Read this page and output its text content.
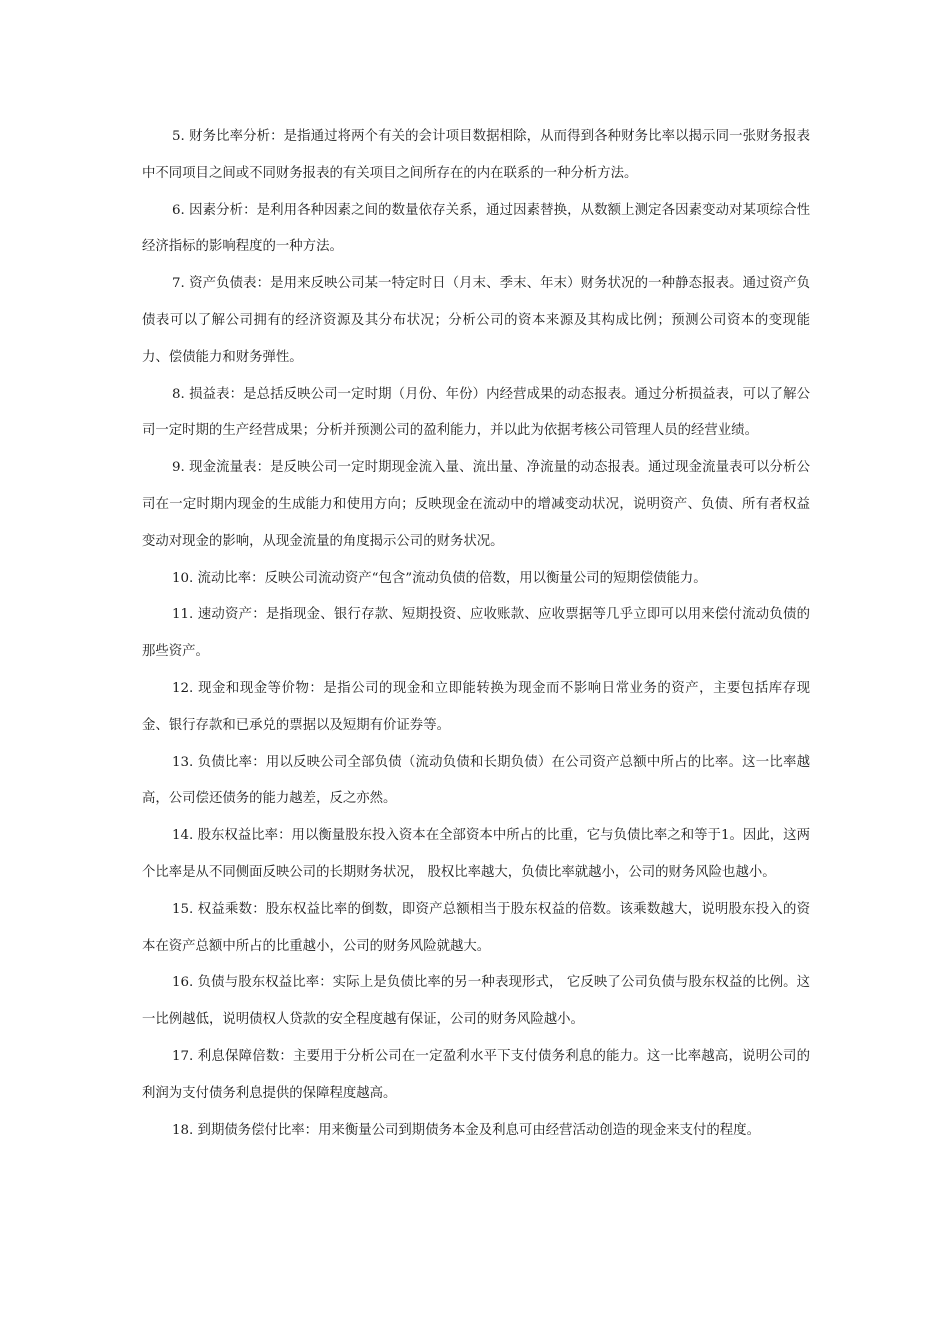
5. 财务比率分析：是指通过将两个有关的会计项目数据相除，从而得到各种财务比率以揭示同一张财务报表中不同项目之间或不同财务报表的有关项目之间所存在的内在联系的一种分析方法。

6. 因素分析：是利用各种因素之间的数量依存关系，通过因素替换，从数额上测定各因素变动对某项综合性经济指标的影响程度的一种方法。

7. 资产负债表：是用来反映公司某一特定时日（月末、季末、年末）财务状况的一种静态报表。通过资产负债表可以了解公司拥有的经济资源及其分布状况；分析公司的资本来源及其构成比例；预测公司资本的变现能力、偿债能力和财务弹性。

8. 损益表：是总括反映公司一定时期（月份、年份）内经营成果的动态报表。通过分析损益表，可以了解公司一定时期的生产经营成果；分析并预测公司的盈利能力，并以此为依据考核公司管理人员的经营业绩。

9. 现金流量表：是反映公司一定时期现金流入量、流出量、净流量的动态报表。通过现金流量表可以分析公司在一定时期内现金的生成能力和使用方向；反映现金在流动中的增减变动状况，说明资产、负债、所有者权益变动对现金的影响，从现金流量的角度揭示公司的财务状况。

10. 流动比率：反映公司流动资产“包含”流动负债的倍数，用以衡量公司的短期偿债能力。

11. 速动资产：是指现金、银行存款、短期投资、应收账款、应收票据等几乎立即可以用来偿付流动负债的那些资产。

12. 现金和现金等价物：是指公司的现金和立即能转换为现金而不影响日常业务的资产，主要包括库存现金、银行存款和已承兑的票据以及短期有价证券等。

13. 负债比率：用以反映公司全部负债（流动负债和长期负债）在公司资产总额中所占的比率。这一比率越高，公司偿还债务的能力越差，反之亦然。

14. 股东权益比率：用以衡量股东投入资本在全部资本中所占的比重，它与负债比率之和等于1。因此，这两个比率是从不同侧面反映公司的长期财务状况， 股权比率越大，负债比率就越小，公司的财务风险也越小。

15. 权益乘数：股东权益比率的倒数，即资产总额相当于股东权益的倍数。该乘数越大，说明股东投入的资本在资产总额中所占的比重越小，公司的财务风险就越大。

16. 负债与股东权益比率：实际上是负债比率的另一种表现形式， 它反映了公司负债与股东权益的比例。这一比例越低，说明债权人贷款的安全程度越有保证，公司的财务风险越小。

17. 利息保障倍数：主要用于分析公司在一定盈利水平下支付债务利息的能力。这一比率越高，说明公司的利润为支付债务利息提供的保障程度越高。

18. 到期债务偿付比率：用来衡量公司到期债务本金及利息可由经营活动创造的现金来支付的程度。
